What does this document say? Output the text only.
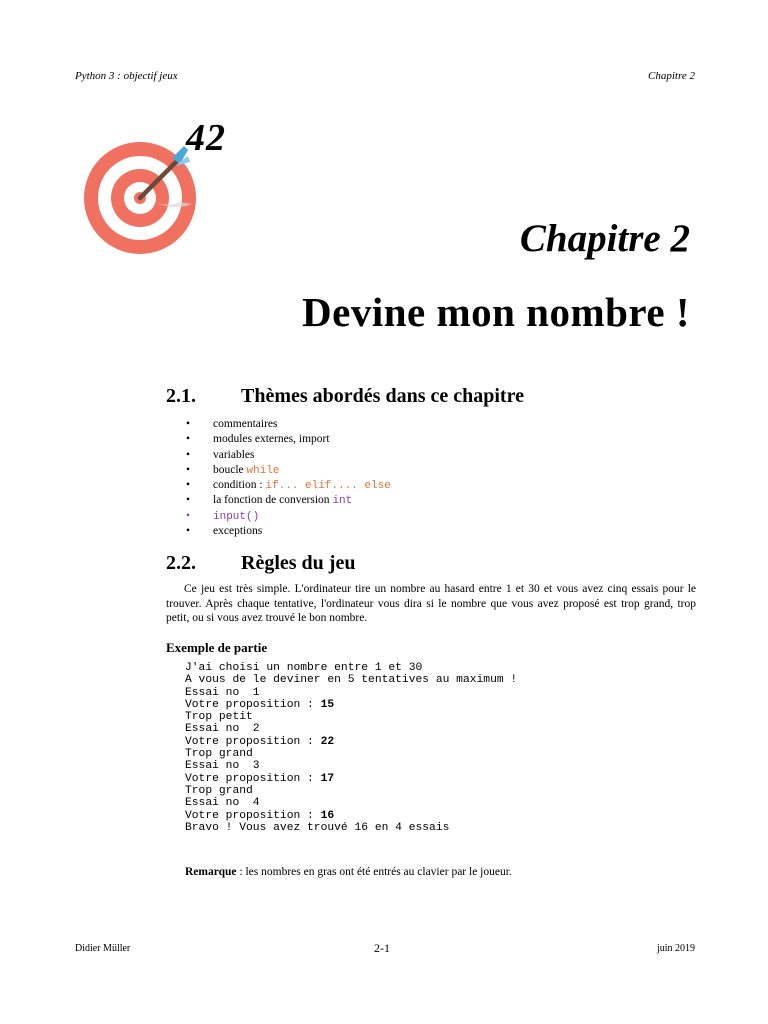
Python 3 : objectif jeux	Chapitre 2
42
Chapitre 2
Devine mon nombre !
2.1. Thèmes abordés dans ce chapitre
• commentaires
• modules externes, import
• variables
• boucle while
• condition : if... elif.... else
• la fonction de conversion int
• input()
• exceptions
2.2. Règles du jeu
Ce jeu est très simple. L'ordinateur tire un nombre au hasard entre 1 et 30 et vous avez cinq essais pour le trouver. Après chaque tentative, l'ordinateur vous dira si le nombre que vous avez proposé est trop grand, trop petit, ou si vous avez trouvé le bon nombre.
Exemple de partie
J'ai choisi un nombre entre 1 et 30
A vous de le deviner en 5 tentatives au maximum !
Essai no  1
Votre proposition : 15
Trop petit
Essai no  2
Votre proposition : 22
Trop grand
Essai no  3
Votre proposition : 17
Trop grand
Essai no  4
Votre proposition : 16
Bravo ! Vous avez trouvé 16 en 4 essais
Remarque : les nombres en gras ont été entrés au clavier par le joueur.
Didier Müller	2-1	juin 2019
